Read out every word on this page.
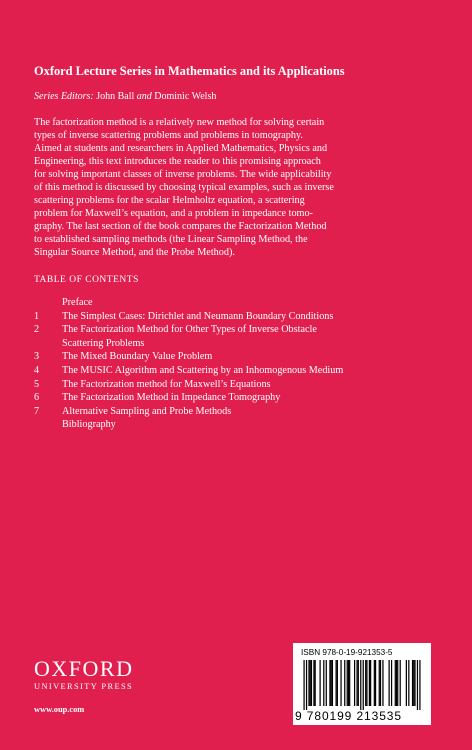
Oxford Lecture Series in Mathematics and its Applications
Series Editors: John Ball and Dominic Welsh
The factorization method is a relatively new method for solving certain
types of inverse scattering problems and problems in tomography.
Aimed at students and researchers in Applied Mathematics, Physics and
Engineering, this text introduces the reader to this promising approach
for solving important classes of inverse problems. The wide applicability
of this method is discussed by choosing typical examples, such as inverse
scattering problems for the scalar Helmholtz equation, a scattering
problem for Maxwell’s equation, and a problem in impedance tomo-
graphy. The last section of the book compares the Factorization Method
to established sampling methods (the Linear Sampling Method, the
Singular Source Method, and the Probe Method).
TABLE OF CONTENTS
Preface
1	The Simplest Cases: Dirichlet and Neumann Boundary Conditions
2	The Factorization Method for Other Types of Inverse Obstacle
Scattering Problems
3	The Mixed Boundary Value Problem
4	The MUSIC Algorithm and Scattering by an Inhomogenous Medium
5	The Factorization method for Maxwell’s Equations
6	The Factorization Method in Impedance Tomography
7	Alternative Sampling and Probe Methods
Bibliography
OXFORD
UNIVERSITY PRESS
www.oup.com
ISBN 978-0-19-921353-5
9 780199 213535
